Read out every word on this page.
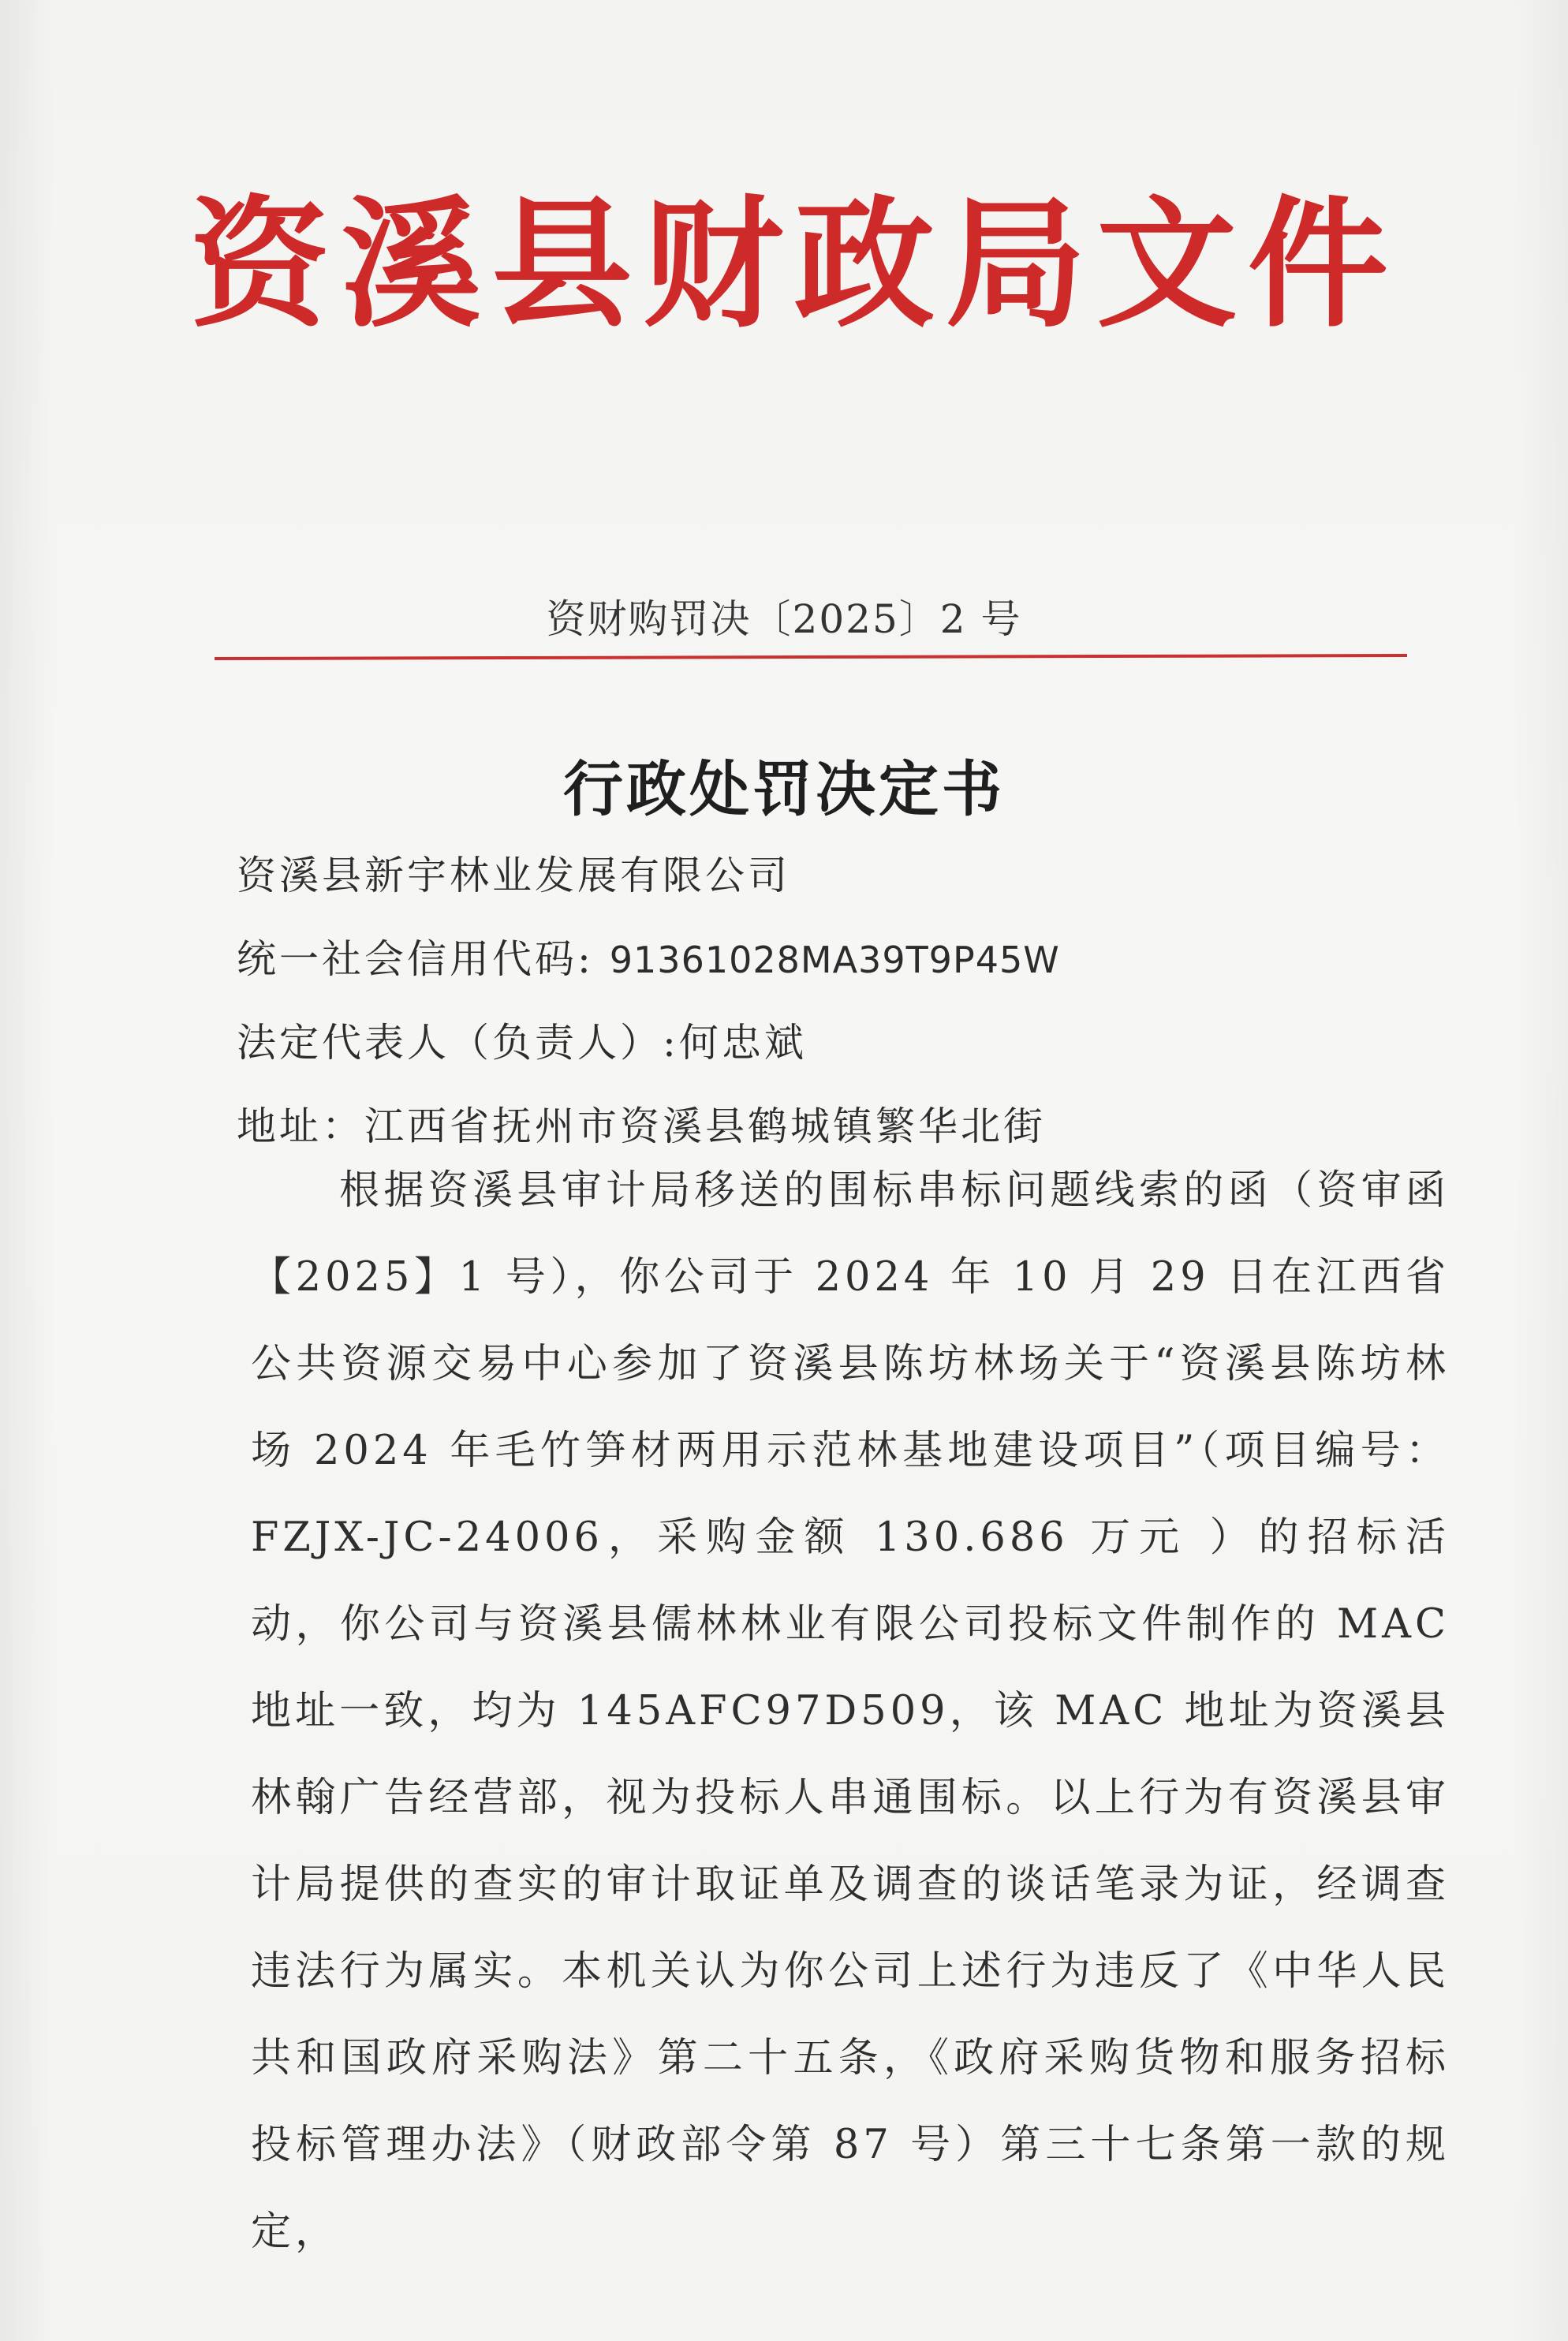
资 溪 县 财 政 局 文 件
资财购罚决〔2025〕2 号
行政处罚决定书
资溪县新宇林业发展有限公司
统一社会信用代码: 91361028MA39T9P45W
法定代表人（负责人）:何忠斌
地址：江西省抚州市资溪县鹤城镇繁华北街

根据资溪县审计局移送的围标串标问题线索的函（资审函【2025】1 号），你公司于 2024 年 10 月 29 日在江西省公共资源交易中心参加了资溪县陈坊林场关于“资溪县陈坊林场 2024 年毛竹笋材两用示范林基地建设项目”（项目编号：FZJX-JC-24006，采购金额 130.686 万元 ）的招标活动，你公司与资溪县儒林林业有限公司投标文件制作的 MAC 地址一致，均为 145AFC97D509，该 MAC 地址为资溪县林翰广告经营部，视为投标人串通围标。以上行为有资溪县审计局提供的查实的审计取证单及调查的谈话笔录为证，经调查违法行为属实。本机关认为你公司上述行为违反了《中华人民共和国政府采购法》第二十五条，《政府采购货物和服务招标投标管理办法》（财政部令第 87 号）第三十七条第一款的规定，
